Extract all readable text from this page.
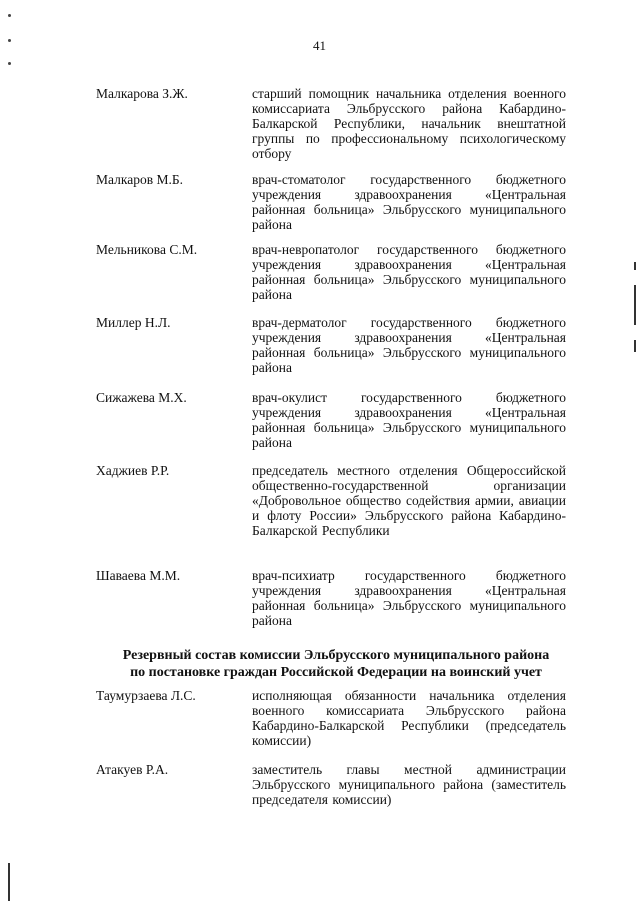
41
Малкарова З.Ж.	старший помощник начальника отделения военного комиссариата Эльбрусского района Кабардино-Балкарской Республики, начальник внештатной группы по профессиональному психологическому отбору
Малкаров М.Б.	врач-стоматолог государственного бюджетного учреждения здравоохранения «Центральная районная больница» Эльбрусского муниципального района
Мельникова С.М.	врач-невропатолог государственного бюджетного учреждения здравоохранения «Центральная районная больница» Эльбрусского муниципального района
Миллер Н.Л.	врач-дерматолог государственного бюджетного учреждения здравоохранения «Центральная районная больница» Эльбрусского муниципального района
Сижажева М.Х.	врач-окулист государственного бюджетного учреждения здравоохранения «Центральная районная больница» Эльбрусского муниципального района
Хаджиев Р.Р.	председатель местного отделения Общероссийской общественно-государственной организации «Добровольное общество содействия армии, авиации и флоту России» Эльбрусского района Кабардино-Балкарской Республики
Шаваева М.М.	врач-психиатр государственного бюджетного учреждения здравоохранения «Центральная районная больница» Эльбрусского муниципального района
Резервный состав комиссии Эльбрусского муниципального района
по постановке граждан Российской Федерации на воинский учет
Таумурзаева Л.С.	исполняющая обязанности начальника отделения военного комиссариата Эльбрусского района Кабардино-Балкарской Республики (председатель комиссии)
Атакуев Р.А.	заместитель главы местной администрации Эльбрусского муниципального района (заместитель председателя комиссии)
